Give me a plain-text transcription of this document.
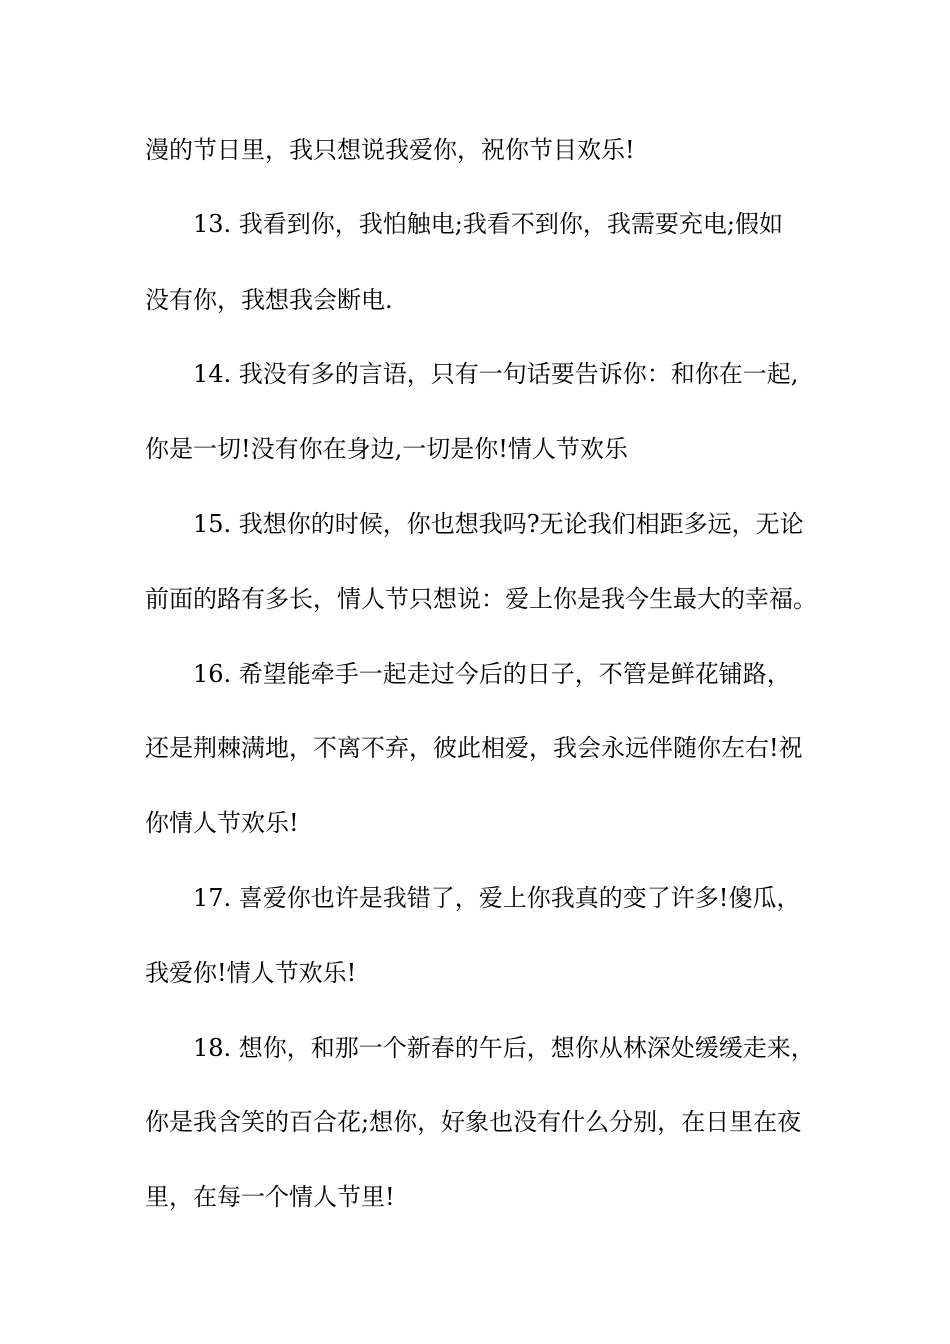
漫的节日里，我只想说我爱你，祝你节目欢乐!
13. 我看到你，我怕触电;我看不到你，我需要充电;假如
没有你，我想我会断电.
14. 我没有多的言语，只有一句话要告诉你：和你在一起,
你是一切!没有你在身边,一切是你!情人节欢乐
15. 我想你的时候，你也想我吗?无论我们相距多远，无论
前面的路有多长，情人节只想说：爱上你是我今生最大的幸福。
16. 希望能牵手一起走过今后的日子，不管是鲜花铺路，
还是荆棘满地，不离不弃，彼此相爱，我会永远伴随你左右!祝
你情人节欢乐!
17. 喜爱你也许是我错了，爱上你我真的变了许多!傻瓜，
我爱你!情人节欢乐!
18. 想你，和那一个新春的午后，想你从林深处缓缓走来，
你是我含笑的百合花;想你，好象也没有什么分别，在日里在夜
里，在每一个情人节里!
